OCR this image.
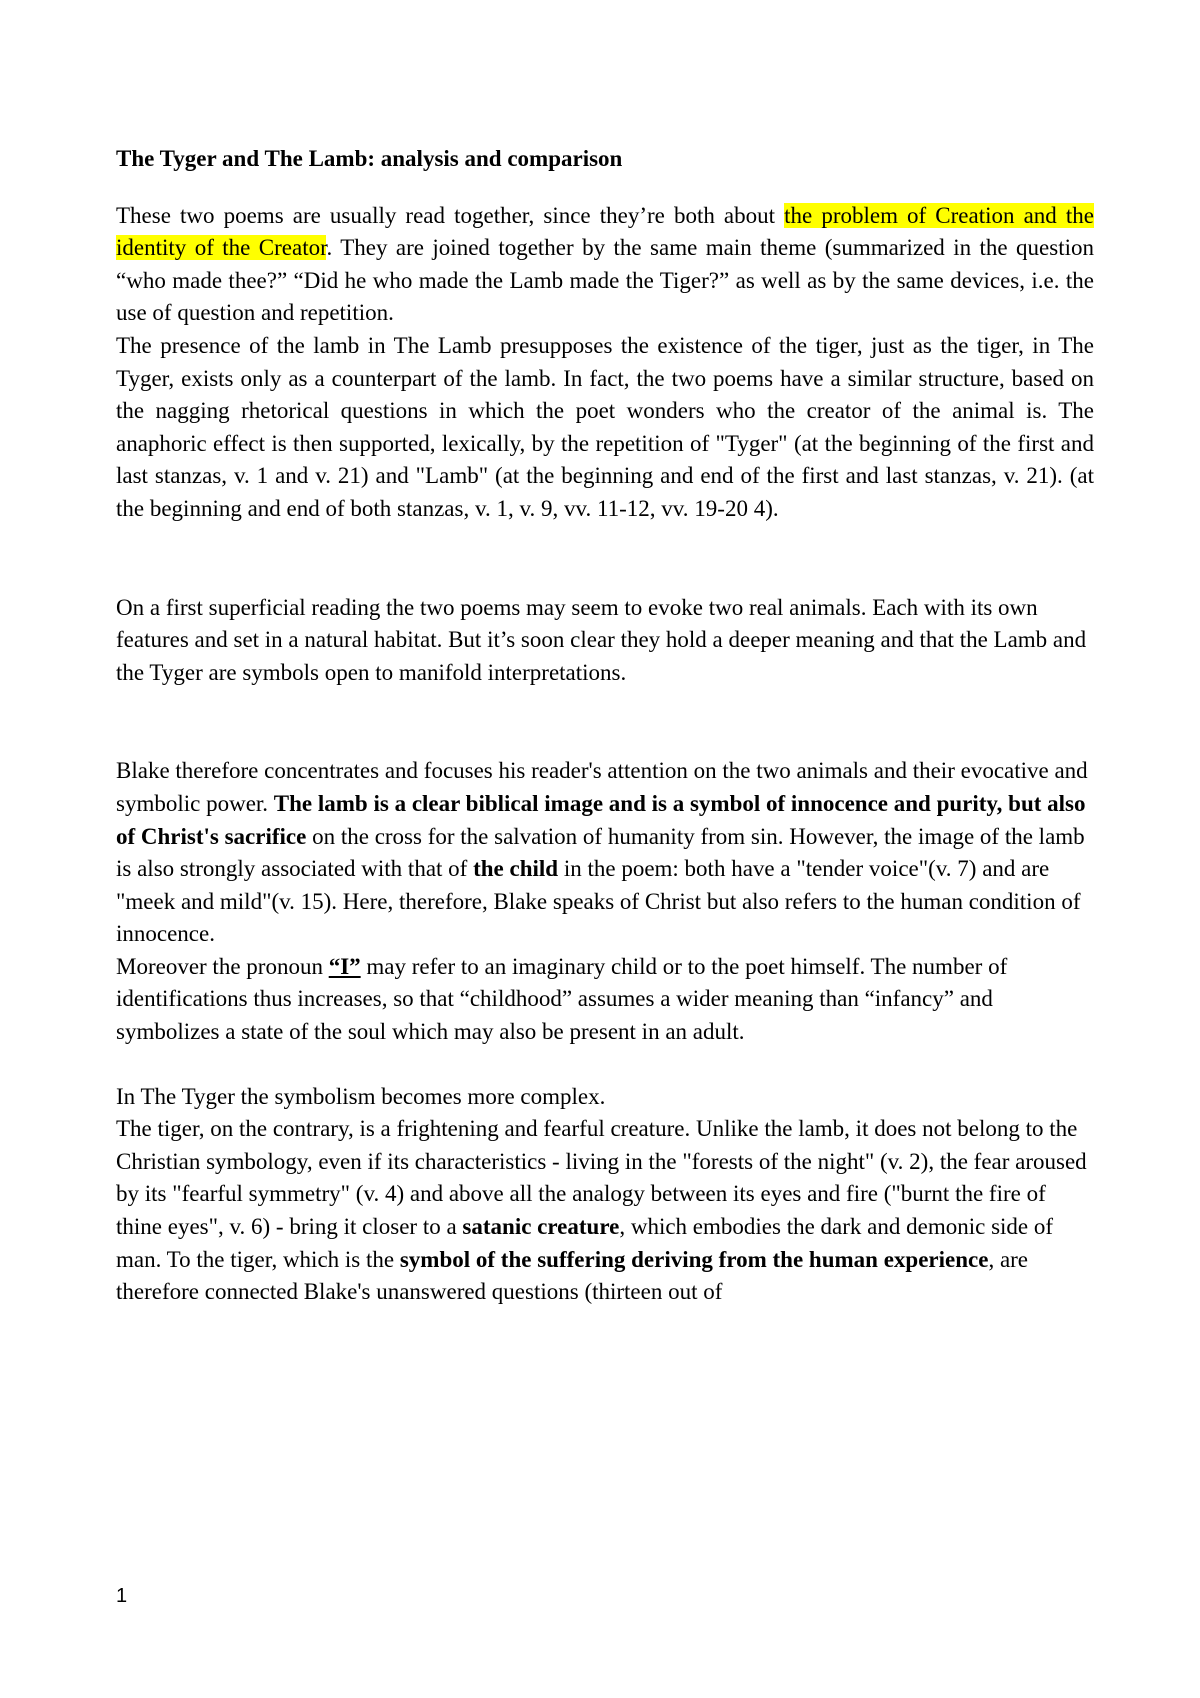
The Tyger and The Lamb: analysis and comparison

These two poems are usually read together, since they’re both about the problem of Creation and the identity of the Creator. They are joined together by the same main theme (summarized in the question “who made thee?” “Did he who made the Lamb made the Tiger?” as well as by the same devices, i.e. the use of question and repetition.

The presence of the lamb in The Lamb presupposes the existence of the tiger, just as the tiger, in The Tyger, exists only as a counterpart of the lamb. In fact, the two poems have a similar structure, based on the nagging rhetorical questions in which the poet wonders who the creator of the animal is. The anaphoric effect is then supported, lexically, by the repetition of "Tyger" (at the beginning of the first and last stanzas, v. 1 and v. 21) and "Lamb" (at the beginning and end of the first and last stanzas, v. 21). (at the beginning and end of both stanzas, v. 1, v. 9, vv. 11-12, vv. 19-20 4).

On a first superficial reading the two poems may seem to evoke two real animals. Each with its own features and set in a natural habitat. But it’s soon clear they hold a deeper meaning and that the Lamb and the Tyger are symbols open to manifold interpretations.

Blake therefore concentrates and focuses his reader's attention on the two animals and their evocative and symbolic power. The lamb is a clear biblical image and is a symbol of innocence and purity, but also of Christ's sacrifice on the cross for the salvation of humanity from sin. However, the image of the lamb is also strongly associated with that of the child in the poem: both have a "tender voice"(v. 7) and are "meek and mild"(v. 15). Here, therefore, Blake speaks of Christ but also refers to the human condition of innocence.

Moreover the pronoun “I” may refer to an imaginary child or to the poet himself. The number of identifications thus increases, so that “childhood” assumes a wider meaning than “infancy” and symbolizes a state of the soul which may also be present in an adult.

In The Tyger the symbolism becomes more complex.

The tiger, on the contrary, is a frightening and fearful creature. Unlike the lamb, it does not belong to the Christian symbology, even if its characteristics - living in the "forests of the night" (v. 2), the fear aroused by its "fearful symmetry" (v. 4) and above all the analogy between its eyes and fire ("burnt the fire of thine eyes", v. 6) - bring it closer to a satanic creature, which embodies the dark and demonic side of man. To the tiger, which is the symbol of the suffering deriving from the human experience, are therefore connected Blake's unanswered questions (thirteen out of

1
